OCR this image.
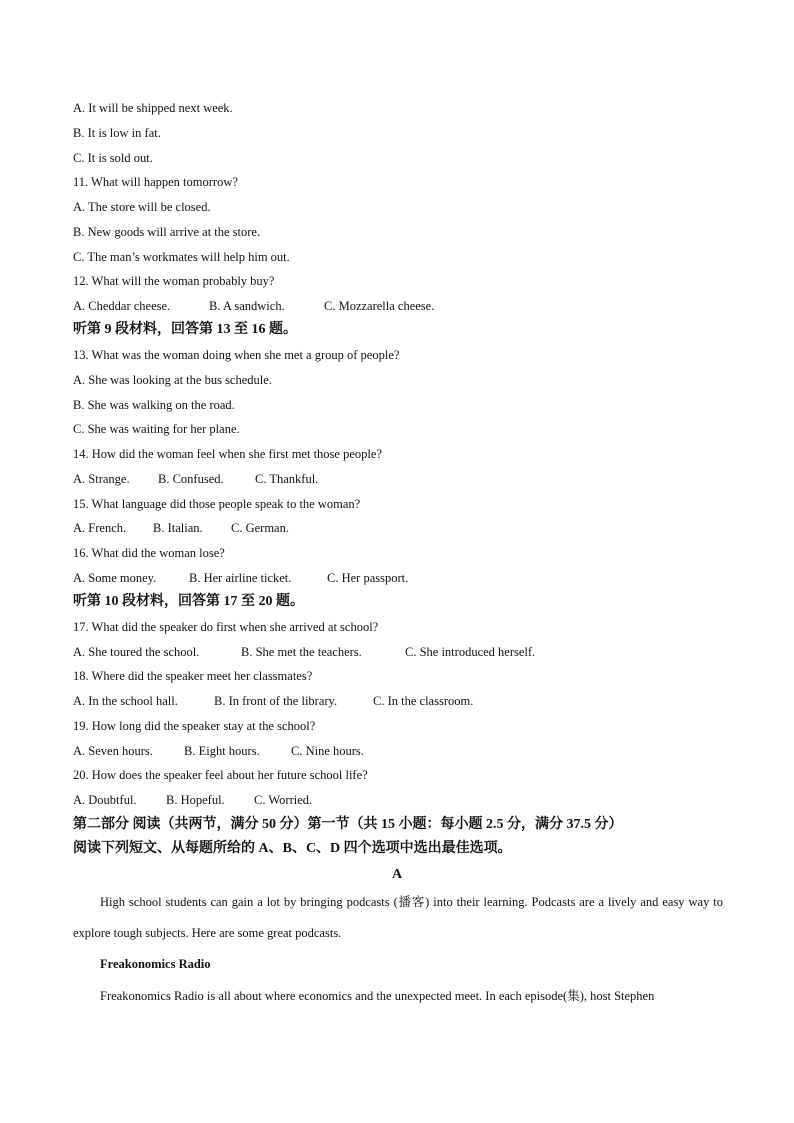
A. It will be shipped next week.
B. It is low in fat.
C. It is sold out.
11. What will happen tomorrow?
A. The store will be closed.
B. New goods will arrive at the store.
C. The man’s workmates will help him out.
12. What will the woman probably buy?
A. Cheddar cheese.	B. A sandwich.	C. Mozzarella cheese.
听第 9 段材料，回答第 13 至 16 题。
13. What was the woman doing when she met a group of people?
A. She was looking at the bus schedule.
B. She was walking on the road.
C. She was waiting for her plane.
14. How did the woman feel when she first met those people?
A. Strange. B. Confused.	C. Thankful.
15. What language did those people speak to the woman?
A. French. B. Italian. C. German.
16. What did the woman lose?
A. Some money.	B. Her airline ticket.	C. Her passport.
听第 10 段材料，回答第 17 至 20 题。
17. What did the speaker do first when she arrived at school?
A. She toured the school.	B. She met the teachers.	C. She introduced herself.
18. Where did the speaker meet her classmates?
A. In the school hall.	B. In front of the library.	C. In the classroom.
19. How long did the speaker stay at the school?
A. Seven hours. B. Eight hours.	C. Nine hours.
20. How does the speaker feel about her future school life?
A. Doubtful. B. Hopeful. C. Worried.
第二部分 阅读（共两节，满分 50 分）第一节（共 15 小题：每小题 2.5 分，满分 37.5 分）
阅读下列短文、从每题所给的 A、B、C、D 四个选项中选出最佳选项。
A
High school students can gain a lot by bringing podcasts (播客) into their learning. Podcasts are a lively and easy way to explore tough subjects. Here are some great podcasts.
Freakonomics Radio
Freakonomics Radio is all about where economics and the unexpected meet. In each episode(集), host Stephen
